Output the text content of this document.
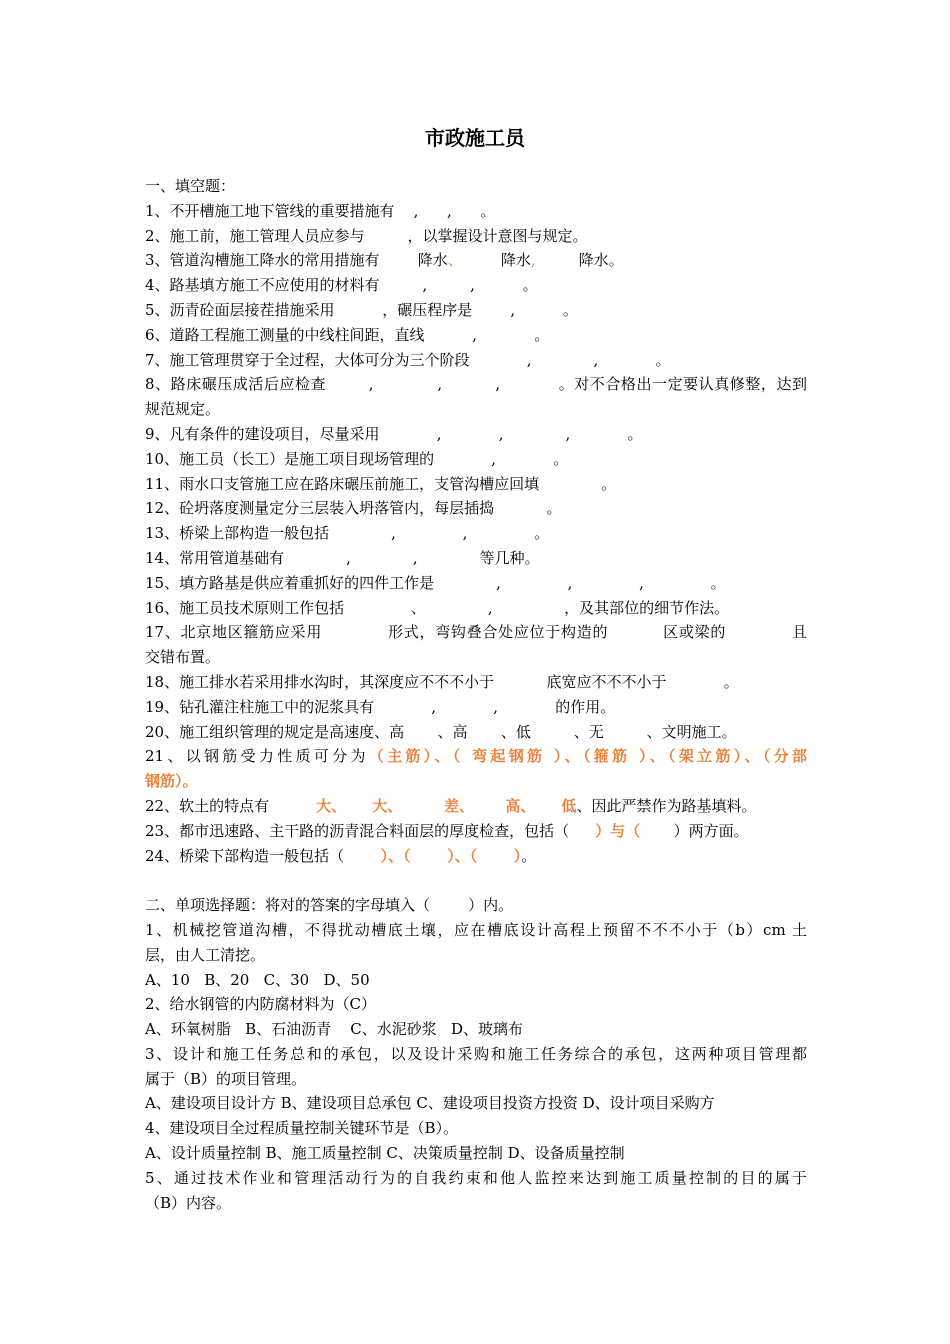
市政施工员
一、填空题：
1、不开槽施工地下管线的重要措施有    ,      ,      。
2、施工前，施工管理人员应参与         ，以掌握设计意图与规定。
3、管道沟槽施工降水的常用措施有        降水、        降水,         降水。
4、路基填方施工不应使用的材料有         ,         ,          。
5、沥青砼面层接茬措施采用          ，碾压程序是        ,          。
6、道路工程施工测量的中线柱间距，直线          ,            。
7、施工管理贯穿于全过程，大体可分为三个阶段            ,             ,            。
8、路床碾压成活后应检查        ,            ,          ,           。对不合格出一定要认真修整，达到
规范规定。
9、凡有条件的建设项目，尽量采用            ,            ,             ,            。
10、施工员（长工）是施工项目现场管理的            ,            。
11、雨水口支管施工应在路床碾压前施工，支管沟槽应回填             。
12、砼坍落度测量定分三层装入坍落管内，每层插捣           。
13、桥梁上部构造一般包括             ,              ,              。
14、常用管道基础有             ,             ,             等几种。
15、填方路基是供应着重抓好的四件工作是             ,              ,              ,              。
16、施工员技术原则工作包括              、             ,               ，及其部位的细节作法。
17、北京地区箍筋应采用            形式，弯钩叠合处应位于构造的          区或梁的            且
交错布置。
18、施工排水若采用排水沟时，其深度应不不不小于           底宽应不不不小于            。
19、钻孔灌注柱施工中的泥浆具有            ,            ,            的作用。
20、施工组织管理的规定是高速度、高       、高       、低         、无         、文明施工。
21、以钢筋受力性质可分为（主筋）、（ 弯起钢筋 ）、（箍筋 ）、（架立筋）、（分部
钢筋）。
22、软土的特点有         大、     大、        差、      高、     低、因此严禁作为路基填料。
23、都市迅速路、主干路的沥青混合料面层的厚度检查，包括（     ）与（       ）两方面。
24、桥梁下部构造一般包括（       ）、（       ）、（       ）。
二、单项选择题：将对的答案的字母填入（        ）内。
1、机械挖管道沟槽，不得扰动槽底土壤，应在槽底设计高程上预留不不不小于（b）cm 土
层，由人工清挖。
A、10   B、20   C、30   D、50
2、给水钢管的内防腐材料为（C）
A、环氧树脂   B、石油沥青    C、水泥砂浆   D、玻璃布
3、设计和施工任务总和的承包，以及设计采购和施工任务综合的承包，这两种项目管理都
属于（B）的项目管理。
A、建设项目设计方 B、建设项目总承包 C、建设项目投资方投资 D、设计项目采购方
4、建设项目全过程质量控制关键环节是（B）。
A、设计质量控制 B、施工质量控制 C、决策质量控制 D、设备质量控制
5、通过技术作业和管理活动行为的自我约束和他人监控来达到施工质量控制的目的属于
（B）内容。
